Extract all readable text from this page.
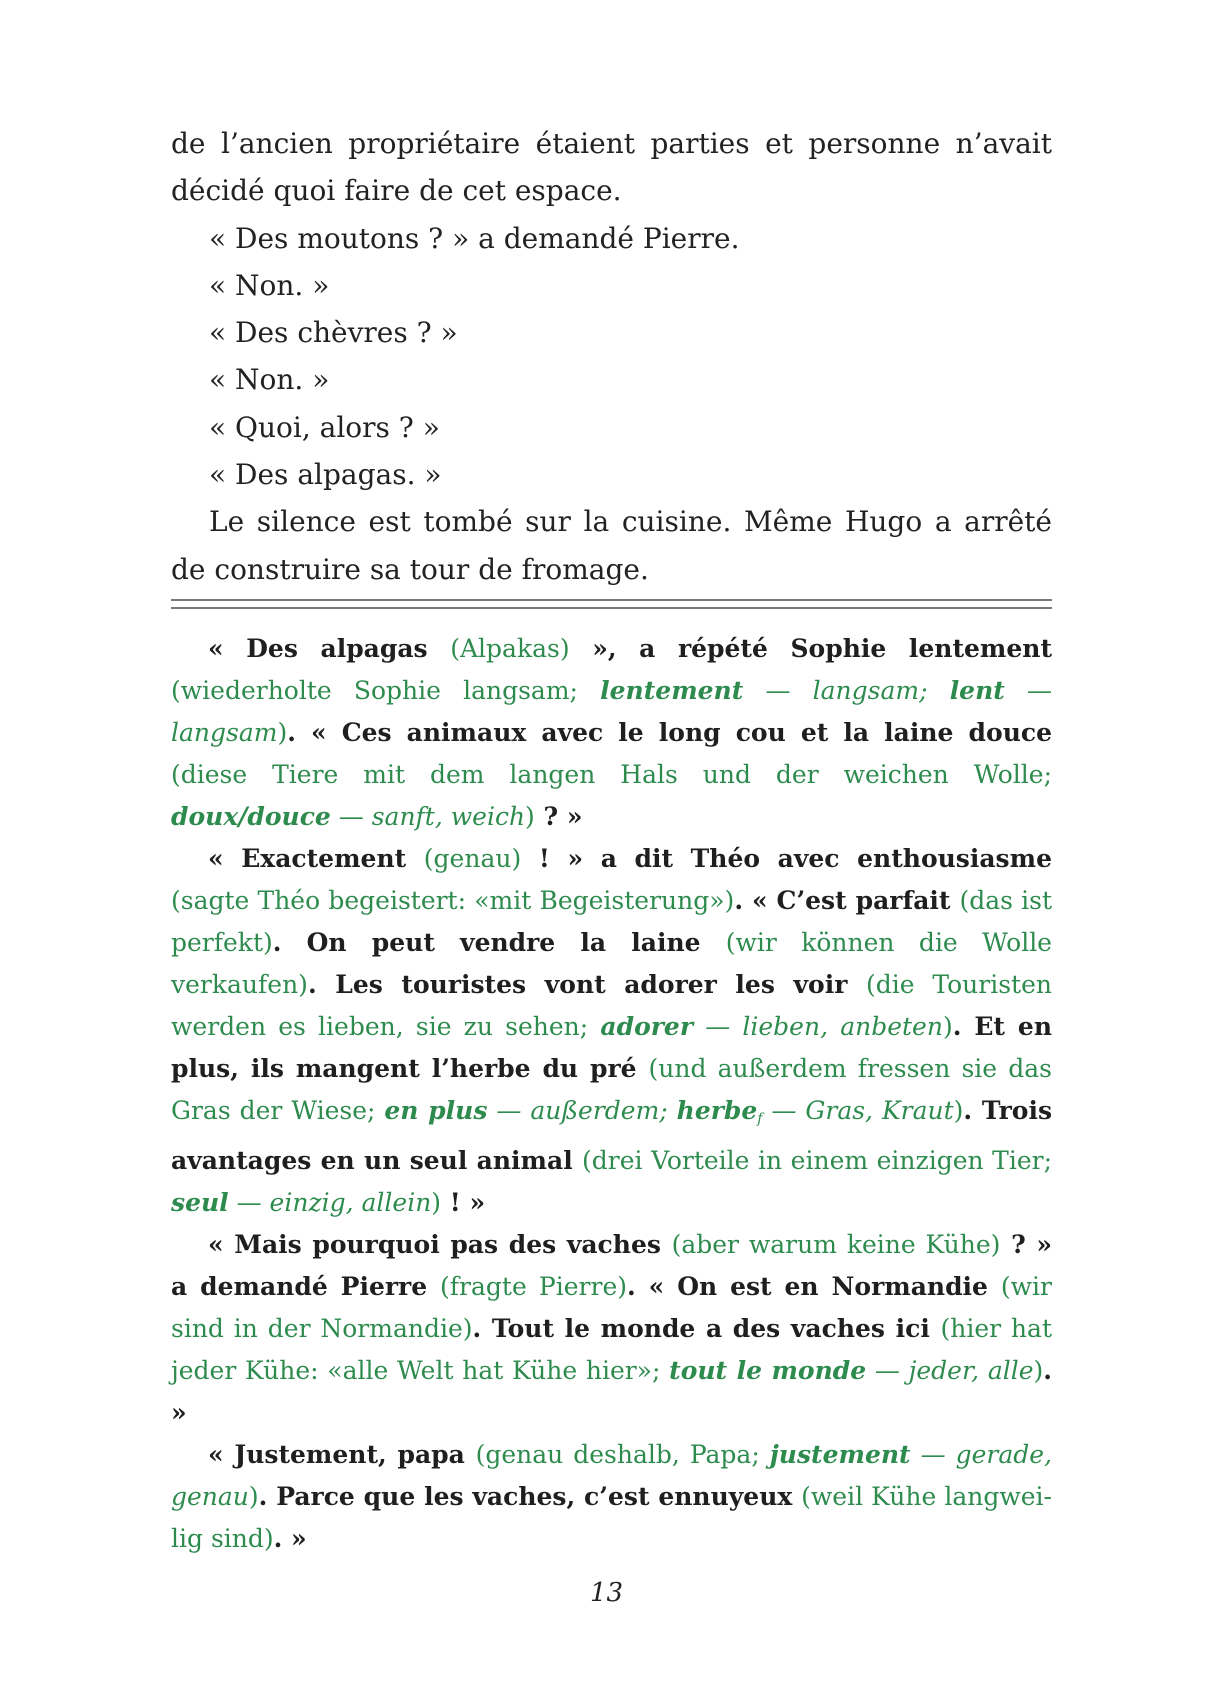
de l’ancien propriétaire étaient parties et personne n’avait décidé quoi faire de cet espace.

« Des moutons ? » a demandé Pierre.

« Non. »

« Des chèvres ? »

« Non. »

« Quoi, alors ? »

« Des alpagas. »

Le silence est tombé sur la cuisine. Même Hugo a arrêté de construire sa tour de fromage.

« Des alpagas (Alpakas) », a répété Sophie lentement (wiederholte Sophie langsam; lentement — langsam; lent — langsam). « Ces animaux avec le long cou et la laine douce (diese Tiere mit dem langen Hals und der weichen Wolle; doux/douce — sanft, weich) ? »

« Exactement (genau) ! » a dit Théo avec enthousiasme (sagte Théo begeistert: «mit Begeisterung»). « C’est parfait (das ist perfekt). On peut vendre la laine (wir können die Wolle verkaufen). Les touristes vont adorer les voir (die Touristen werden es lieben, sie zu sehen; adorer — lieben, anbeten). Et en plus, ils mangent l’herbe du pré (und außerdem fressen sie das Gras der Wiese; en plus — außerdem; herbe$_f$ — Gras, Kraut). Trois avantages en un seul animal (drei Vorteile in einem einzigen Tier; seul — einzig, allein) ! »

« Mais pourquoi pas des vaches (aber warum keine Kühe) ? » a demandé Pierre (fragte Pierre). « On est en Normandie (wir sind in der Normandie). Tout le monde a des vaches ici (hier hat jeder Kühe: «alle Welt hat Kühe hier»; tout le monde — jeder, alle). »

« Justement, papa (genau deshalb, Papa; justement — gerade, genau). Parce que les vaches, c’est ennuyeux (weil Kühe langweilig sind). »

13
